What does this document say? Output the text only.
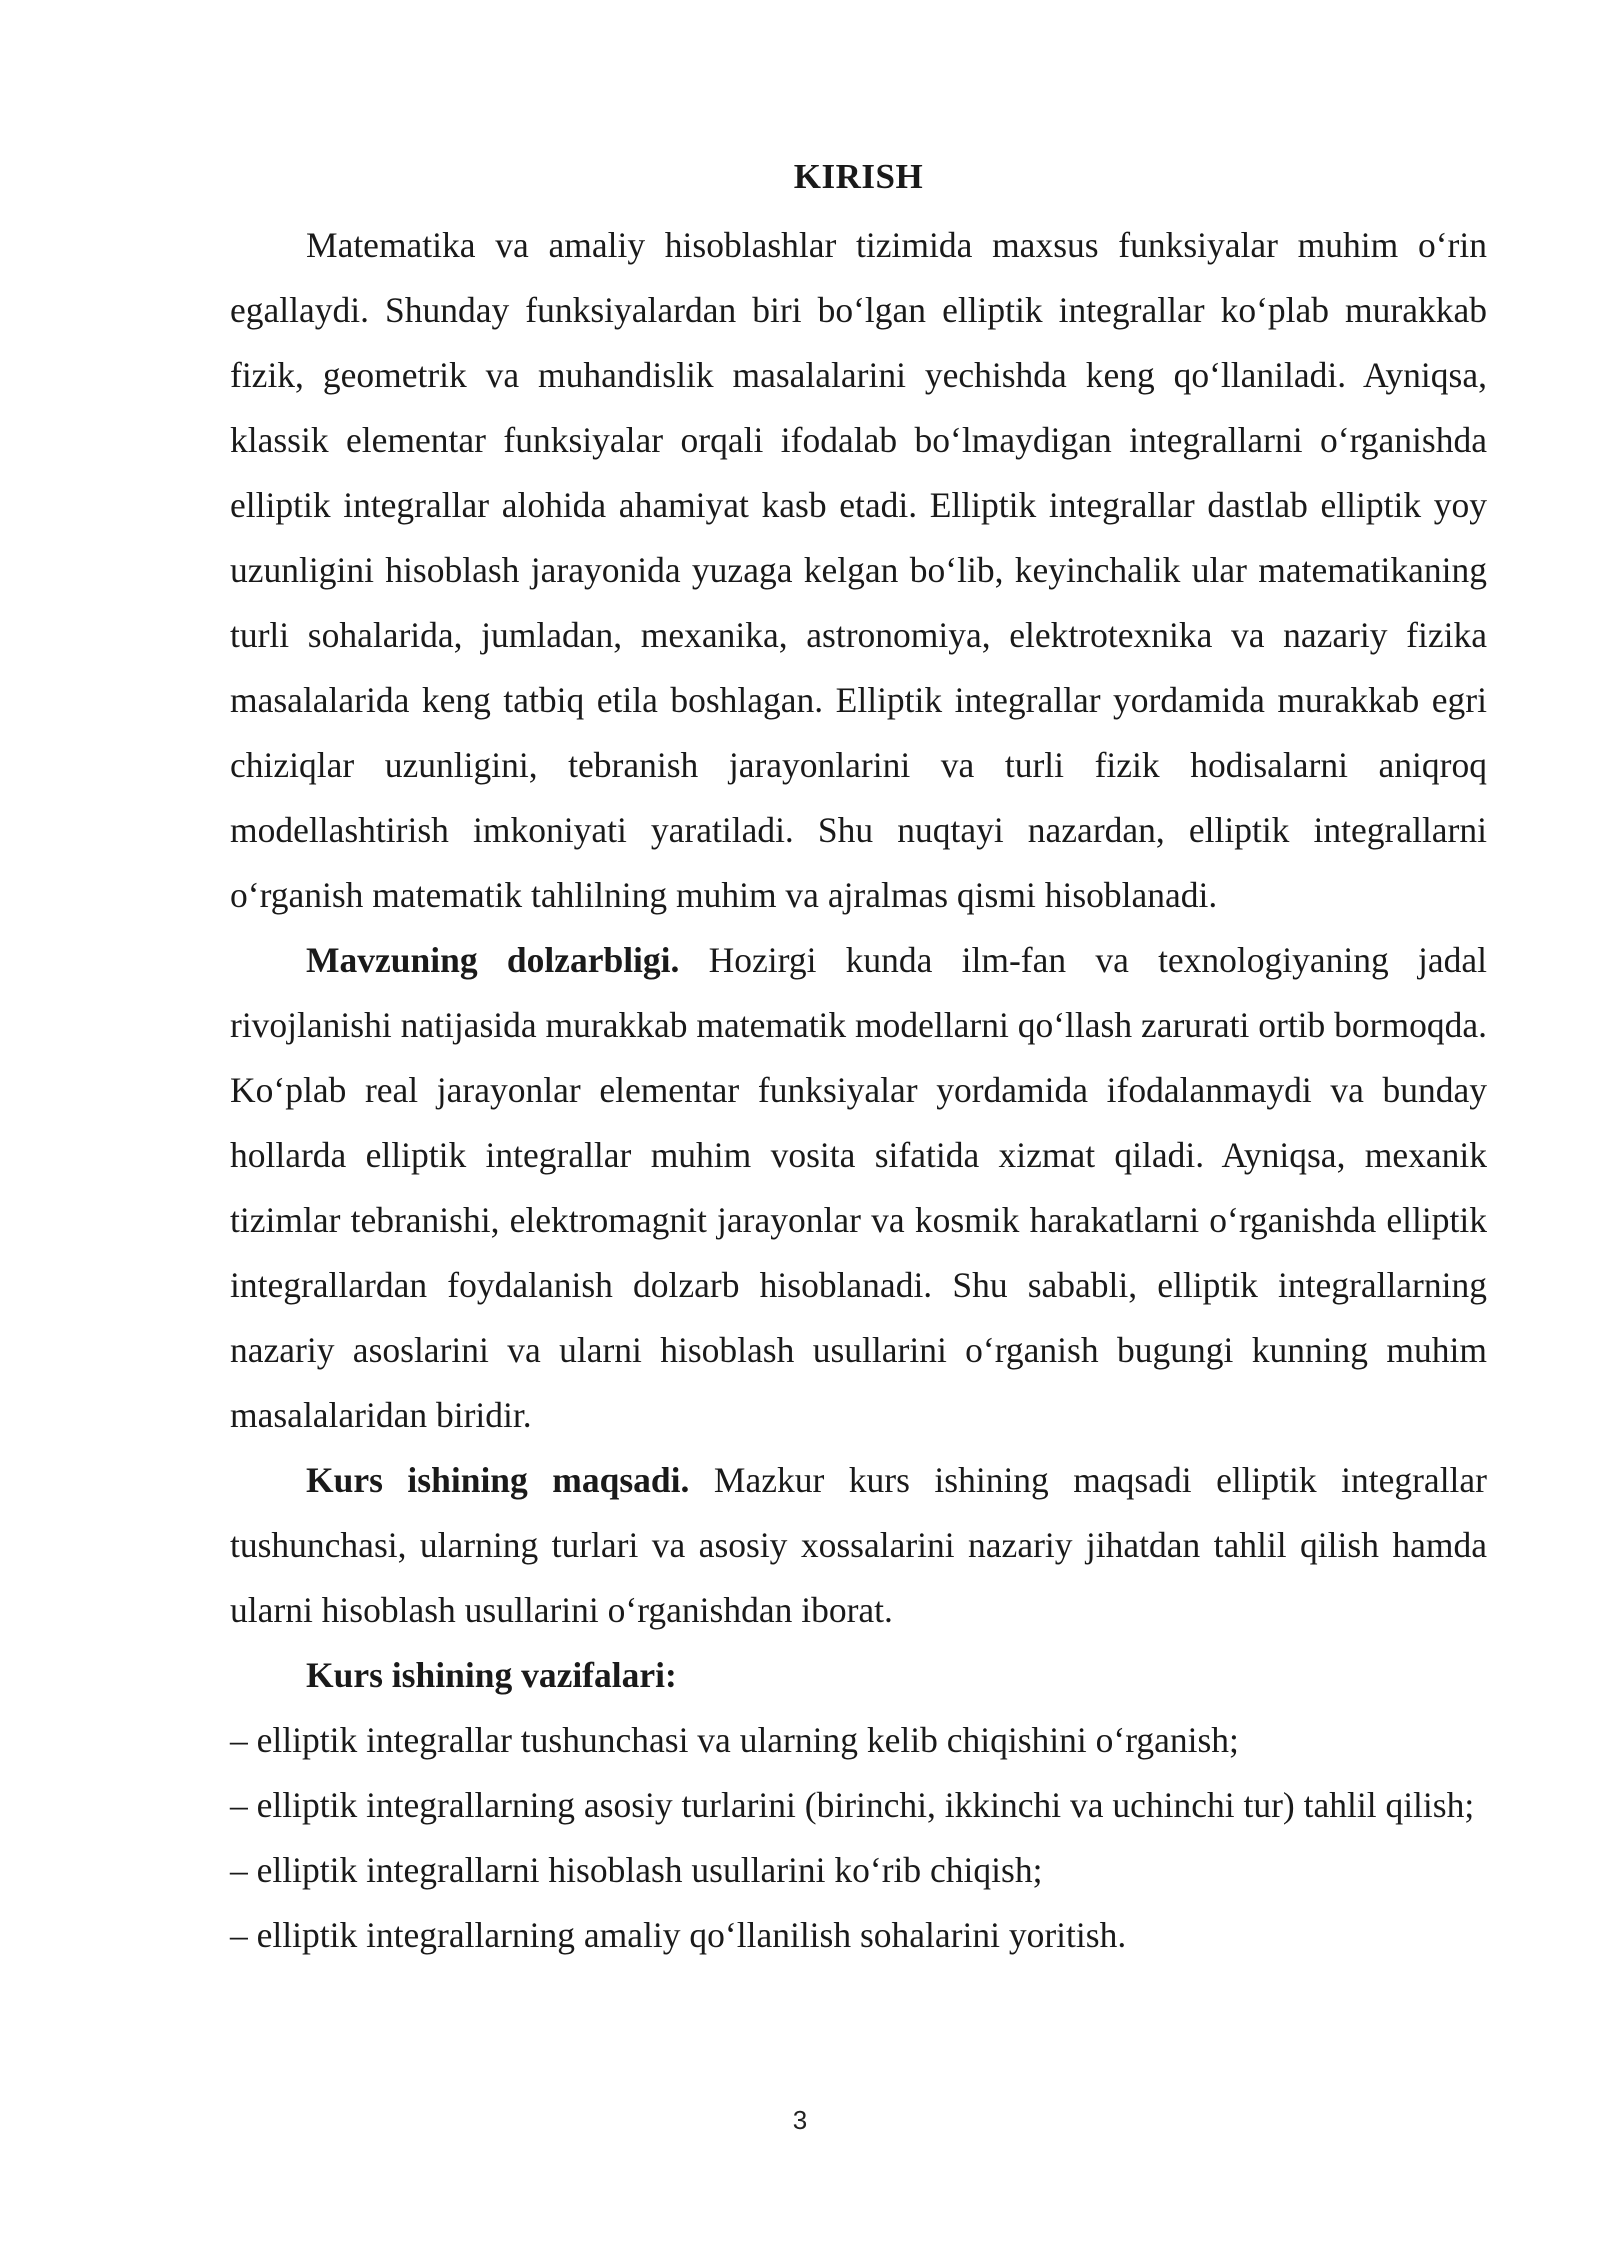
KIRISH

Matematika va amaliy hisoblashlar tizimida maxsus funksiyalar muhim o‘rin egallaydi. Shunday funksiyalardan biri bo‘lgan elliptik integrallar ko‘plab murakkab fizik, geometrik va muhandislik masalalarini yechishda keng qo‘llaniladi. Ayniqsa, klassik elementar funksiyalar orqali ifodalab bo‘lmaydigan integrallarni o‘rganishda elliptik integrallar alohida ahamiyat kasb etadi. Elliptik integrallar dastlab elliptik yoy uzunligini hisoblash jarayonida yuzaga kelgan bo‘lib, keyinchalik ular matematikaning turli sohalarida, jumladan, mexanika, astronomiya, elektrotexnika va nazariy fizika masalalarida keng tatbiq etila boshlagan. Elliptik integrallar yordamida murakkab egri chiziqlar uzunligini, tebranish jarayonlarini va turli fizik hodisalarni aniqroq modellashtirish imkoniyati yaratiladi. Shu nuqtayi nazardan, elliptik integrallarni o‘rganish matematik tahlilning muhim va ajralmas qismi hisoblanadi.

Mavzuning dolzarbligi. Hozirgi kunda ilm-fan va texnologiyaning jadal rivojlanishi natijasida murakkab matematik modellarni qo‘llash zarurati ortib bormoqda. Ko‘plab real jarayonlar elementar funksiyalar yordamida ifodalanmaydi va bunday hollarda elliptik integrallar muhim vosita sifatida xizmat qiladi. Ayniqsa, mexanik tizimlar tebranishi, elektromagnit jarayonlar va kosmik harakatlarni o‘rganishda elliptik integrallardan foydalanish dolzarb hisoblanadi. Shu sababli, elliptik integrallarning nazariy asoslarini va ularni hisoblash usullarini o‘rganish bugungi kunning muhim masalalaridan biridir.

Kurs ishining maqsadi. Mazkur kurs ishining maqsadi elliptik integrallar tushunchasi, ularning turlari va asosiy xossalarini nazariy jihatdan tahlil qilish hamda ularni hisoblash usullarini o‘rganishdan iborat.

Kurs ishining vazifalari:

– elliptik integrallar tushunchasi va ularning kelib chiqishini o‘rganish;
– elliptik integrallarning asosiy turlarini (birinchi, ikkinchi va uchinchi tur) tahlil qilish;
– elliptik integrallarni hisoblash usullarini ko‘rib chiqish;
– elliptik integrallarning amaliy qo‘llanilish sohalarini yoritish.
3
